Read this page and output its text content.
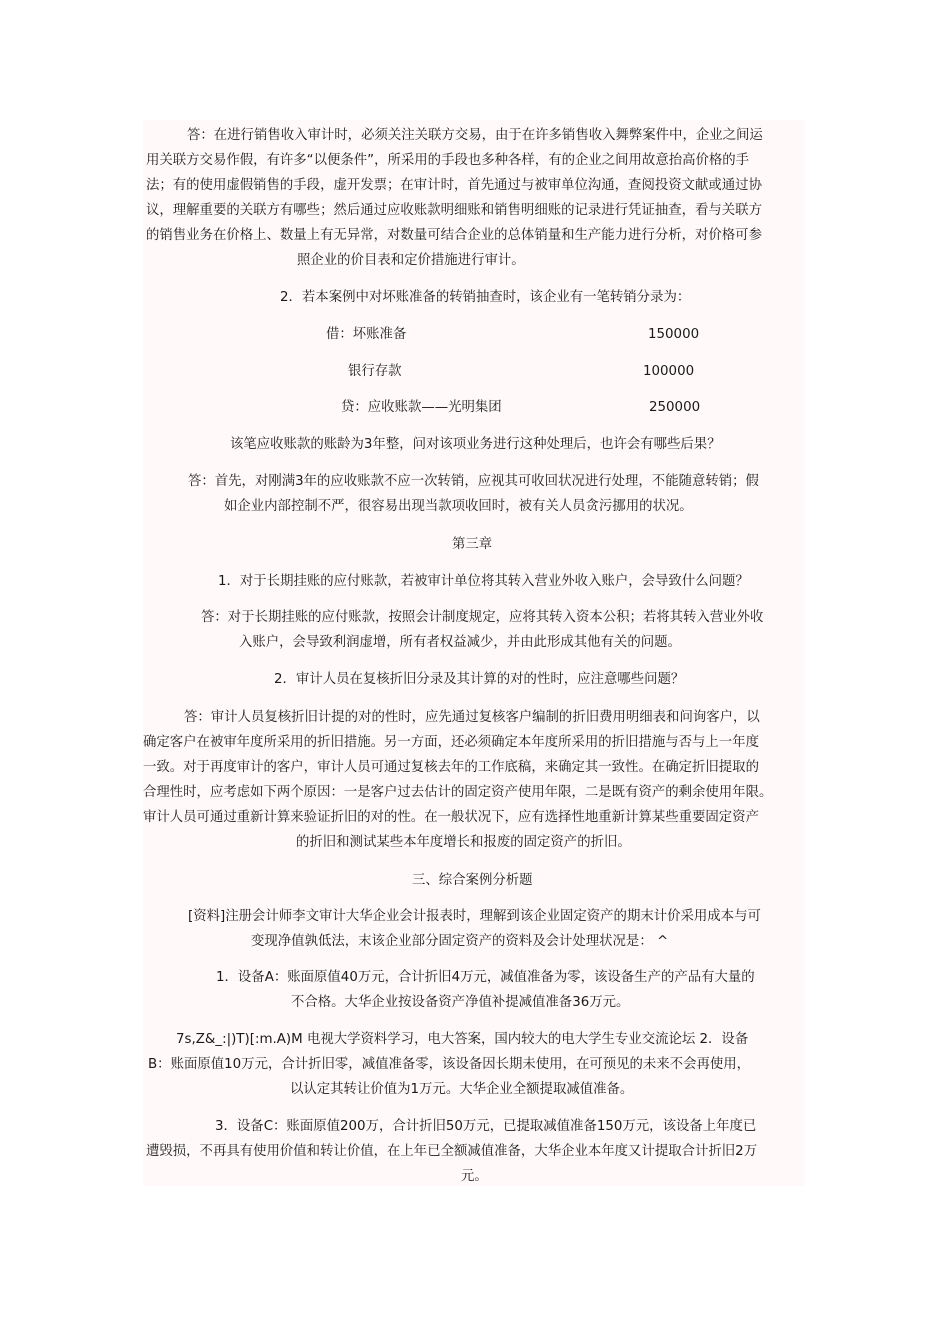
答：在进行销售收入审计时，必须关注关联方交易，由于在许多销售收入舞弊案件中，企业之间运
用关联方交易作假，有许多“以便条件”，所采用的手段也多种各样，有的企业之间用故意抬高价格的手
法；有的使用虚假销售的手段，虚开发票；在审计时，首先通过与被审单位沟通，查阅投资文献或通过协
议，理解重要的关联方有哪些；然后通过应收账款明细账和销售明细账的记录进行凭证抽查，看与关联方
的销售业务在价格上、数量上有无异常，对数量可结合企业的总体销量和生产能力进行分析，对价格可参
照企业的价目表和定价措施进行审计。
2．若本案例中对坏账准备的转销抽查时，该企业有一笔转销分录为：
借：坏账准备	150000
银行存款	100000
贷：应收账款——光明集团	250000
该笔应收账款的账龄为3年整，问对该项业务进行这种处理后，也许会有哪些后果？
答：首先，对刚满3年的应收账款不应一次转销，应视其可收回状况进行处理，不能随意转销；假
如企业内部控制不严，很容易出现当款项收回时，被有关人员贪污挪用的状况。
第三章
1．对于长期挂账的应付账款，若被审计单位将其转入营业外收入账户，会导致什么问题？
答：对于长期挂账的应付账款，按照会计制度规定，应将其转入资本公积；若将其转入营业外收
入账户，会导致利润虚增，所有者权益减少，并由此形成其他有关的问题。
2．审计人员在复核折旧分录及其计算的对的性时，应注意哪些问题？
答：审计人员复核折旧计提的对的性时，应先通过复核客户编制的折旧费用明细表和问询客户，以
确定客户在被审年度所采用的折旧措施。另一方面，还必须确定本年度所采用的折旧措施与否与上一年度
一致。对于再度审计的客户，审计人员可通过复核去年的工作底稿，来确定其一致性。在确定折旧提取的
合理性时，应考虑如下两个原因：一是客户过去估计的固定资产使用年限，二是既有资产的剩余使用年限。
审计人员可通过重新计算来验证折旧的对的性。在一般状况下，应有选择性地重新计算某些重要固定资产
的折旧和测试某些本年度增长和报废的固定资产的折旧。
三、综合案例分析题
[资料]注册会计师李文审计大华企业会计报表时，理解到该企业固定资产的期末计价采用成本与可
变现净值孰低法，末该企业部分固定资产的资料及会计处理状况是： ^
1．设备A：账面原值40万元，合计折旧4万元，减值准备为零，该设备生产的产品有大量的
不合格。大华企业按设备资产净值补提减值准备36万元。
7s,Z&_:|)T)[:m.A)M 电视大学资料学习，电大答案，国内较大的电大学生专业交流论坛 2．设备
B：账面原值10万元，合计折旧零，减值准备零，该设备因长期未使用，在可预见的未来不会再使用，
以认定其转让价值为1万元。大华企业全额提取减值准备。
3．设备C：账面原值200万，合计折旧50万元，已提取减值准备150万元，该设备上年度已
遭毁损，不再具有使用价值和转让价值，在上年已全额减值准备，大华企业本年度又计提取合计折旧2万
元。
